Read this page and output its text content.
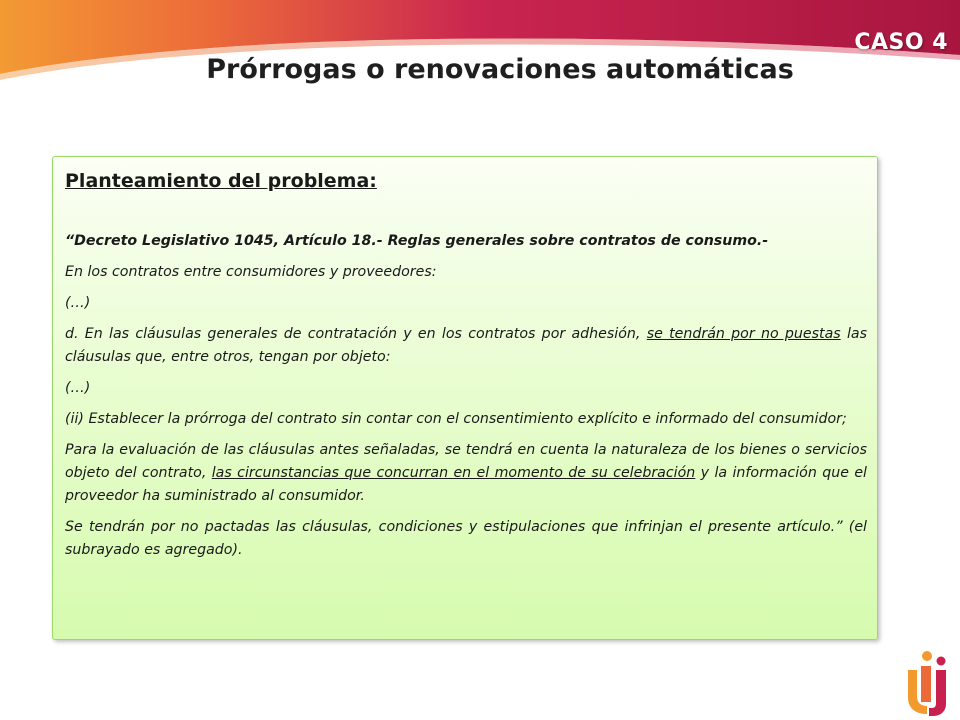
CASO 4
Prórrogas o renovaciones automáticas
Planteamiento del problema:
“Decreto Legislativo 1045, Artículo 18.- Reglas generales sobre contratos de consumo.-
En los contratos entre consumidores y proveedores:
(…)
d. En las cláusulas generales de contratación y en los contratos por adhesión, se tendrán por no puestas las cláusulas que, entre otros, tengan por objeto:
(…)
(ii) Establecer la prórroga del contrato sin contar con el consentimiento explícito e informado del consumidor;
Para la evaluación de las cláusulas antes señaladas, se tendrá en cuenta la naturaleza de los bienes o servicios objeto del contrato, las circunstancias que concurran en el momento de su celebración y la información que el proveedor ha suministrado al consumidor.
Se tendrán por no pactadas las cláusulas, condiciones y estipulaciones que infrinjan el presente artículo.” (el subrayado es agregado).
